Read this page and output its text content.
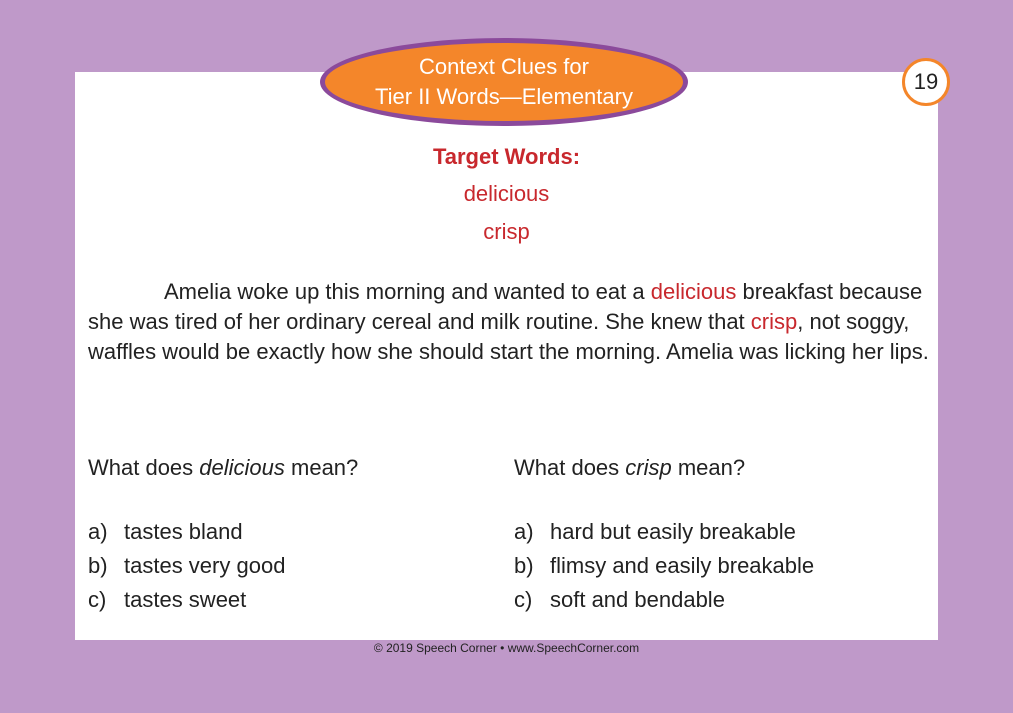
Context Clues for
Tier II Words—Elementary
19
Target Words:
delicious
crisp

Amelia woke up this morning and wanted to eat a delicious breakfast because she was tired of her ordinary cereal and milk routine. She knew that crisp, not soggy, waffles would be exactly how she should start the morning. Amelia was licking her lips.

What does delicious mean?	What does crisp mean?

a) tastes bland
b) tastes very good
c) tastes sweet
a) hard but easily breakable
b) flimsy and easily breakable
c) soft and bendable
© 2019 Speech Corner • www.SpeechCorner.com
